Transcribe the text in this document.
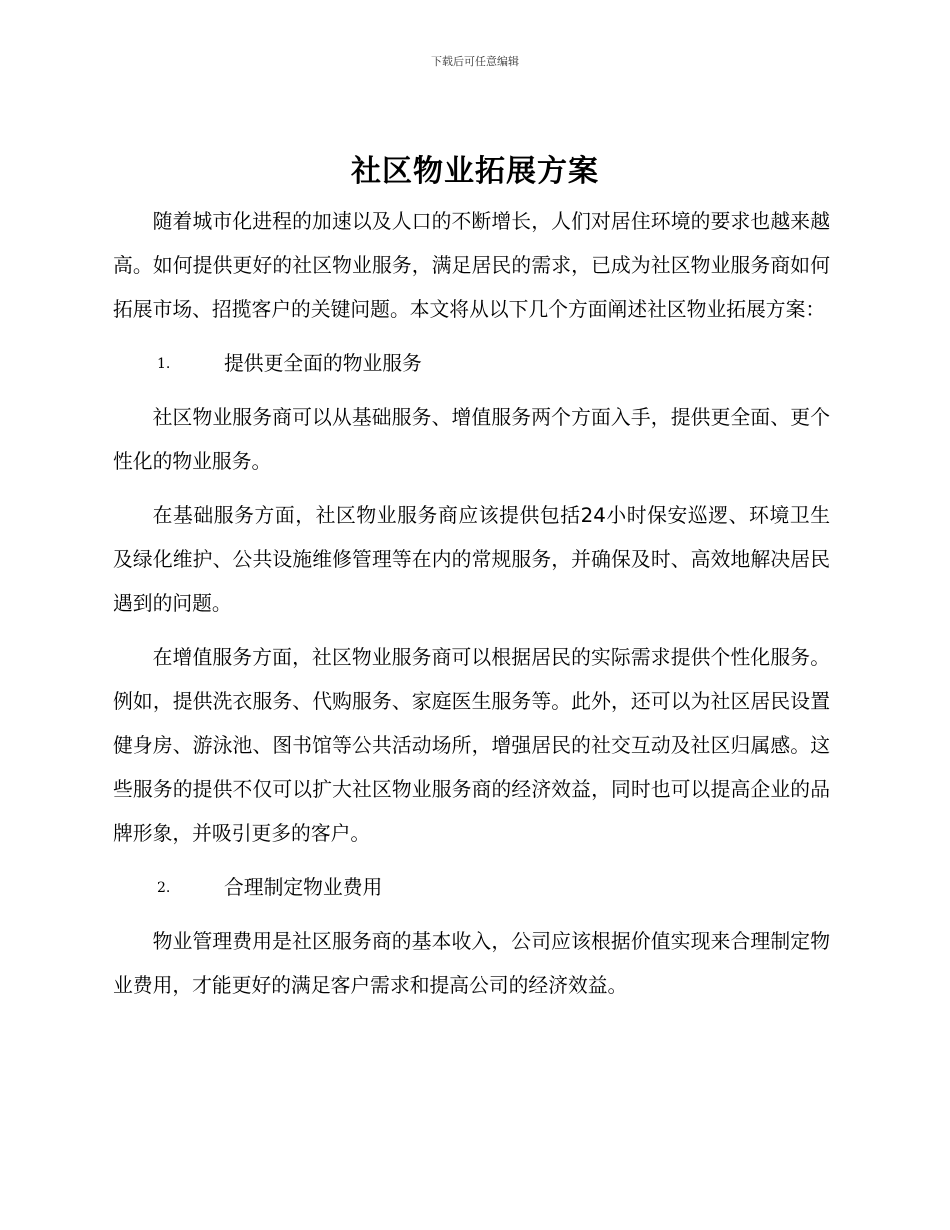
下载后可任意编辑
社区物业拓展方案

随着城市化进程的加速以及人口的不断增长，人们对居住环境的要求也越来越高。如何提供更好的社区物业服务，满足居民的需求，已成为社区物业服务商如何拓展市场、招揽客户的关键问题。本文将从以下几个方面阐述社区物业拓展方案：

1.	提供更全面的物业服务

社区物业服务商可以从基础服务、增值服务两个方面入手，提供更全面、更个性化的物业服务。

在基础服务方面，社区物业服务商应该提供包括24小时保安巡逻、环境卫生及绿化维护、公共设施维修管理等在内的常规服务，并确保及时、高效地解决居民遇到的问题。

在增值服务方面，社区物业服务商可以根据居民的实际需求提供个性化服务。例如，提供洗衣服务、代购服务、家庭医生服务等。此外，还可以为社区居民设置健身房、游泳池、图书馆等公共活动场所，增强居民的社交互动及社区归属感。这些服务的提供不仅可以扩大社区物业服务商的经济效益，同时也可以提高企业的品牌形象，并吸引更多的客户。

2.	合理制定物业费用

物业管理费用是社区服务商的基本收入，公司应该根据价值实现来合理制定物业费用，才能更好的满足客户需求和提高公司的经济效益。
